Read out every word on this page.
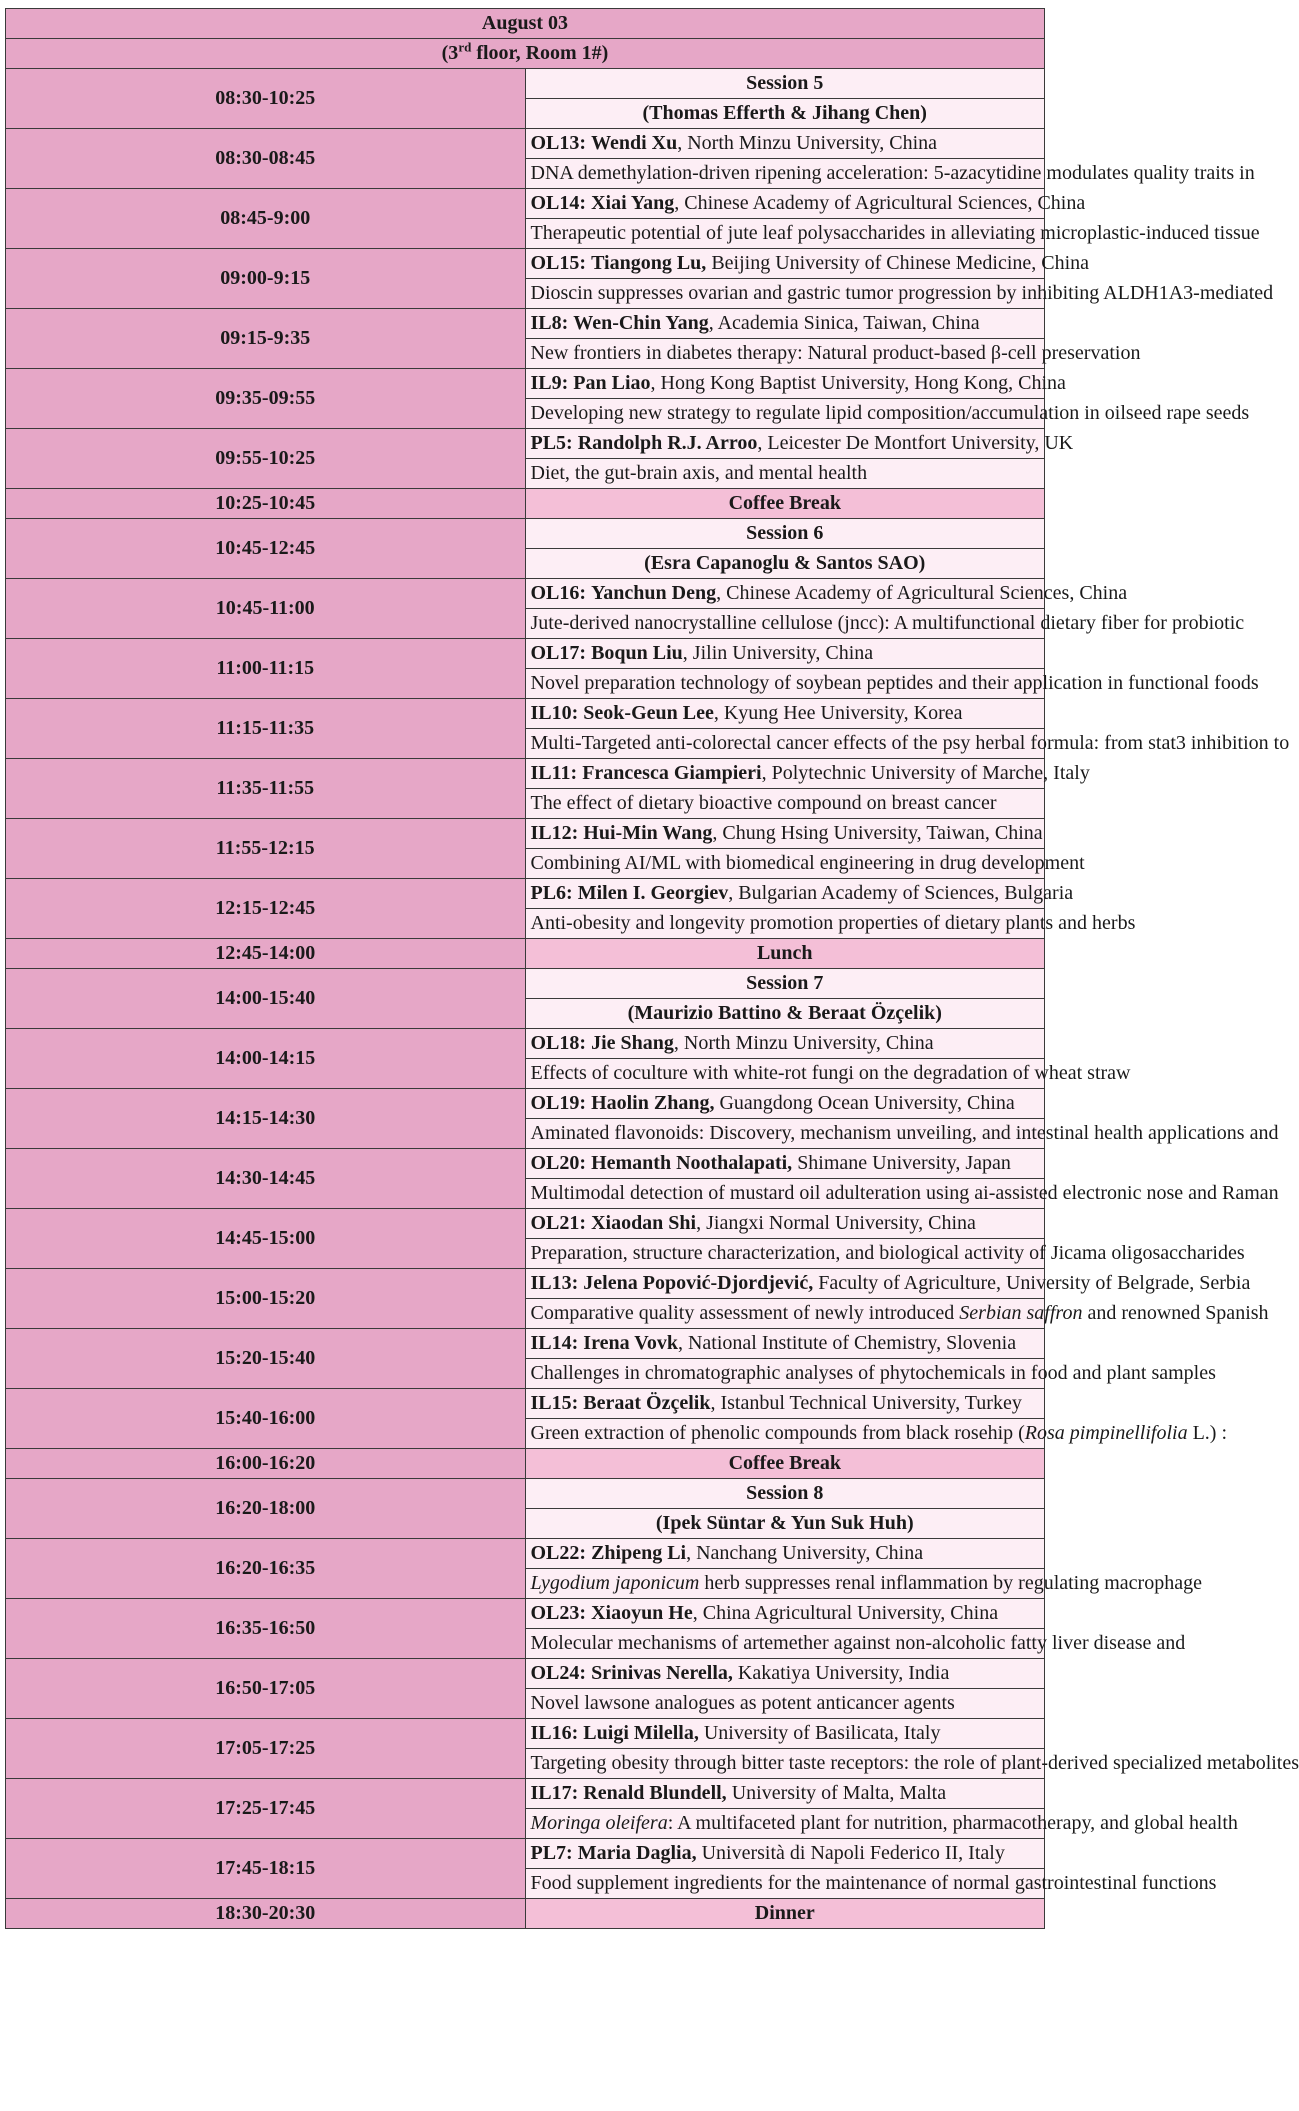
August 03	
(3rd floor, Room 1#)	
08:30-10:25	Session 5
	(Thomas Efferth & Jihang Chen)
08:30-08:45	OL13: Wendi Xu, North Minzu University, China
	DNA demethylation-driven ripening acceleration: 5-azacytidine modulates quality traits in
08:45-9:00	OL14: Xiai Yang, Chinese Academy of Agricultural Sciences, China
	Therapeutic potential of jute leaf polysaccharides in alleviating microplastic-induced tissue
09:00-9:15	OL15: Tiangong Lu, Beijing University of Chinese Medicine, China
	Dioscin suppresses ovarian and gastric tumor progression by inhibiting ALDH1A3-mediated
09:15-9:35	IL8: Wen-Chin Yang, Academia Sinica, Taiwan, China
	New frontiers in diabetes therapy: Natural product-based β-cell preservation
09:35-09:55	IL9: Pan Liao, Hong Kong Baptist University, Hong Kong, China
	Developing new strategy to regulate lipid composition/accumulation in oilseed rape seeds
09:55-10:25	PL5: Randolph R.J. Arroo, Leicester De Montfort University, UK
	Diet, the gut-brain axis, and mental health
10:25-10:45	Coffee Break
10:45-12:45	Session 6
	(Esra Capanoglu & Santos SAO)
10:45-11:00	OL16: Yanchun Deng, Chinese Academy of Agricultural Sciences, China
	Jute-derived nanocrystalline cellulose (jncc): A multifunctional dietary fiber for probiotic
11:00-11:15	OL17: Boqun Liu, Jilin University, China
	Novel preparation technology of soybean peptides and their application in functional foods
11:15-11:35	IL10: Seok-Geun Lee, Kyung Hee University, Korea
	Multi-Targeted anti-colorectal cancer effects of the psy herbal formula: from stat3 inhibition to
11:35-11:55	IL11: Francesca Giampieri, Polytechnic University of Marche, Italy
	The effect of dietary bioactive compound on breast cancer
11:55-12:15	IL12: Hui-Min Wang, Chung Hsing University, Taiwan, China
	Combining AI/ML with biomedical engineering in drug development
12:15-12:45	PL6: Milen I. Georgiev, Bulgarian Academy of Sciences, Bulgaria
	Anti-obesity and longevity promotion properties of dietary plants and herbs
12:45-14:00	Lunch
14:00-15:40	Session 7
	(Maurizio Battino & Beraat Özçelik)
14:00-14:15	OL18: Jie Shang, North Minzu University, China
	Effects of coculture with white-rot fungi on the degradation of wheat straw
14:15-14:30	OL19: Haolin Zhang, Guangdong Ocean University, China
	Aminated flavonoids: Discovery, mechanism unveiling, and intestinal health applications and
14:30-14:45	OL20: Hemanth Noothalapati, Shimane University, Japan
	Multimodal detection of mustard oil adulteration using ai-assisted electronic nose and Raman
14:45-15:00	OL21: Xiaodan Shi, Jiangxi Normal University, China
	Preparation, structure characterization, and biological activity of Jicama oligosaccharides
15:00-15:20	IL13: Jelena Popović-Djordjević, Faculty of Agriculture, University of Belgrade, Serbia
	Comparative quality assessment of newly introduced Serbian saffron and renowned Spanish
15:20-15:40	IL14: Irena Vovk, National Institute of Chemistry, Slovenia
	Challenges in chromatographic analyses of phytochemicals in food and plant samples
15:40-16:00	IL15: Beraat Özçelik, Istanbul Technical University, Turkey
	Green extraction of phenolic compounds from black rosehip (Rosa pimpinellifolia L.) :
16:00-16:20	Coffee Break
16:20-18:00	Session 8
	(Ipek Süntar & Yun Suk Huh)
16:20-16:35	OL22: Zhipeng Li, Nanchang University, China
	Lygodium japonicum herb suppresses renal inflammation by regulating macrophage
16:35-16:50	OL23: Xiaoyun He, China Agricultural University, China
	Molecular mechanisms of artemether against non-alcoholic fatty liver disease and
16:50-17:05	OL24: Srinivas Nerella, Kakatiya University, India
	Novel lawsone analogues as potent anticancer agents
17:05-17:25	IL16: Luigi Milella, University of Basilicata, Italy
	Targeting obesity through bitter taste receptors: the role of plant-derived specialized metabolites
17:25-17:45	IL17: Renald Blundell, University of Malta, Malta
	Moringa oleifera: A multifaceted plant for nutrition, pharmacotherapy, and global health
17:45-18:15	PL7: Maria Daglia, Università di Napoli Federico II, Italy
	Food supplement ingredients for the maintenance of normal gastrointestinal functions
18:30-20:30	Dinner
